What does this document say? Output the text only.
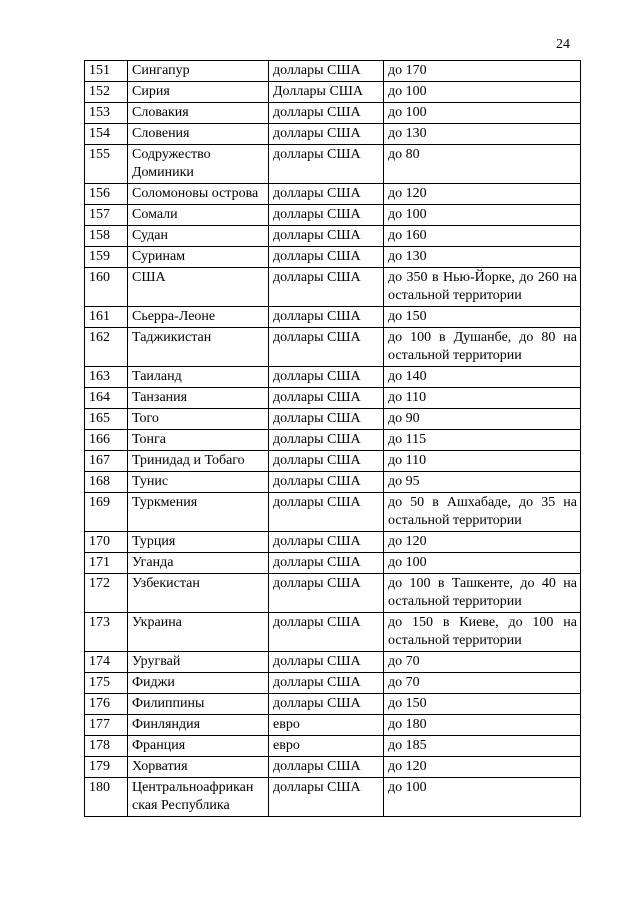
24
151	Сингапур	доллары США	до 170
152	Сирия	Доллары США	до 100
153	Словакия	доллары США	до 100
154	Словения	доллары США	до 130
155	Содружество Доминики	доллары США	до 80
156	Соломоновы острова	доллары США	до 120
157	Сомали	доллары США	до 100
158	Судан	доллары США	до 160
159	Суринам	доллары США	до 130
160	США	доллары США	до 350 в Нью-Йорке, до 260 на остальной территории
161	Сьерра-Леоне	доллары США	до 150
162	Таджикистан	доллары США	до 100 в Душанбе, до 80 на остальной территории
163	Таиланд	доллары США	до 140
164	Танзания	доллары США	до 110
165	Того	доллары США	до 90
166	Тонга	доллары США	до 115
167	Тринидад и Тобаго	доллары США	до 110
168	Тунис	доллары США	до 95
169	Туркмения	доллары США	до 50 в Ашхабаде, до 35 на остальной территории
170	Турция	доллары США	до 120
171	Уганда	доллары США	до 100
172	Узбекистан	доллары США	до 100 в Ташкенте, до 40 на остальной территории
173	Украина	доллары США	до 150 в Киеве, до 100 на остальной территории
174	Уругвай	доллары США	до 70
175	Фиджи	доллары США	до 70
176	Филиппины	доллары США	до 150
177	Финляндия	евро	до 180
178	Франция	евро	до 185
179	Хорватия	доллары США	до 120
180	Центральноафрикан ская Республика	доллары США	до 100
